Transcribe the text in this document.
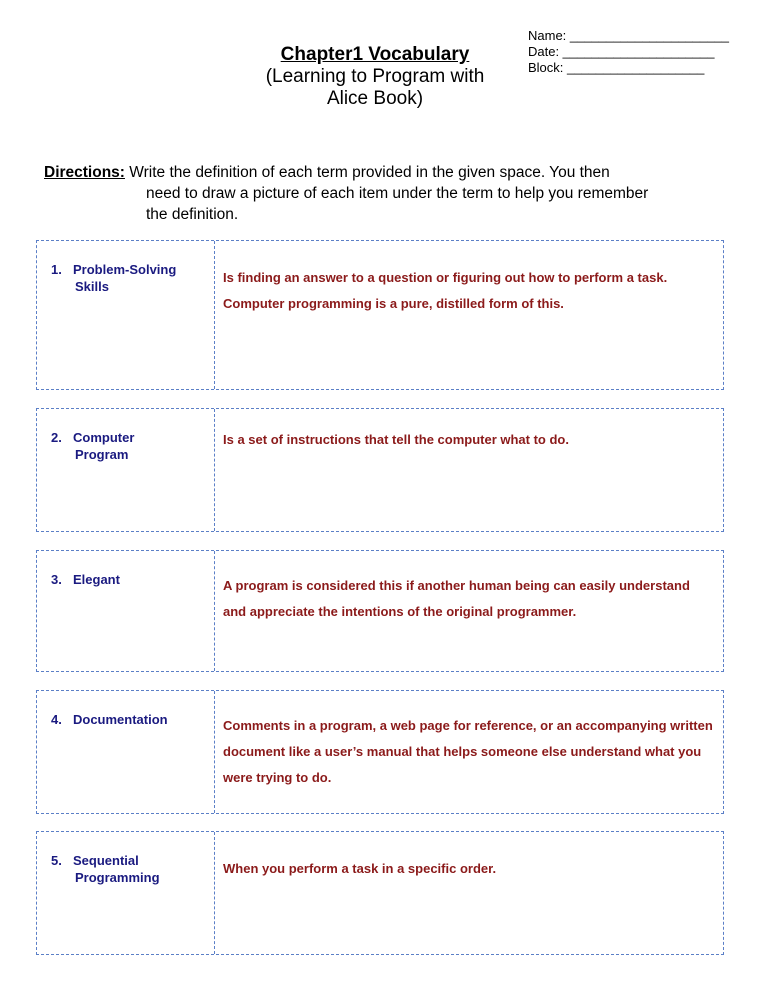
Chapter1 Vocabulary
(Learning to Program with
Alice Book)
Name: ______________________
Date: _____________________
Block: ___________________
Directions: Write the definition of each term provided in the given space. You then
need to draw a picture of each item under the term to help you remember
the definition.
1. Problem-Solving
Skills
Is finding an answer to a question or figuring out how to perform a task. Computer programming is a pure, distilled form of this.
2. Computer
Program
Is a set of instructions that tell the computer what to do.
3. Elegant	A program is considered this if another human being can easily understand and appreciate the intentions of the original programmer.
4. Documentation	Comments in a program, a web page for reference, or an accompanying written document like a user’s manual that helps someone else understand what you were trying to do.
5. Sequential
Programming
When you perform a task in a specific order.
